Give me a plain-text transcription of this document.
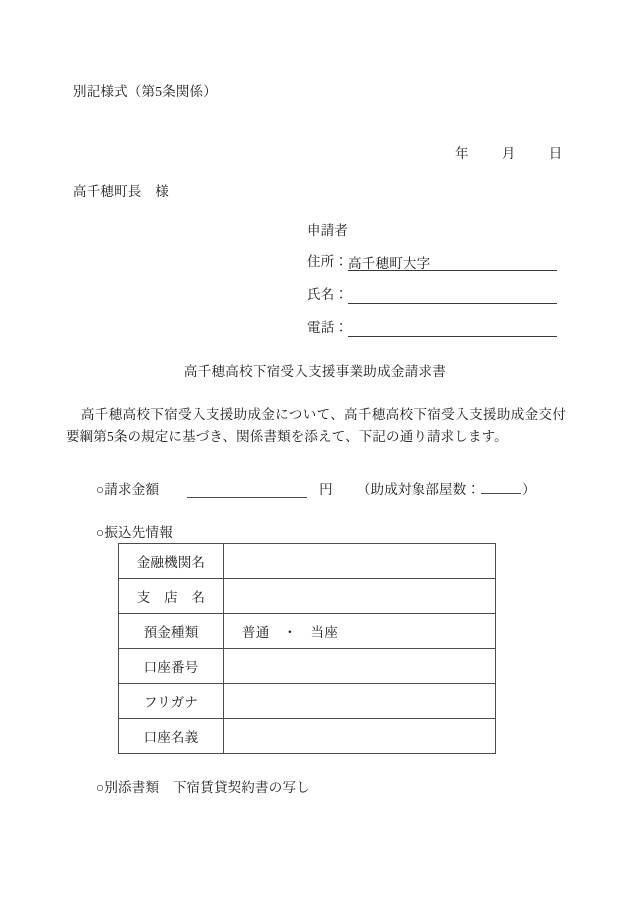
別記様式（第5条関係）
年 月 日
高千穂町長　様
申請者
住所： 高千穂町大字
氏名：
電話：
高千穂高校下宿受入支援事業助成金請求書
高千穂高校下宿受入支援助成金について、高千穂高校下宿受入支援助成金交付要綱第5条の規定に基づき、関係書類を添えて、下記の通り請求します。
○請求金額	円 （助成対象部屋数：	）
○振込先情報
金融機関名	
支　店　名	
預金種類	普通　・　当座
口座番号	
フリガナ	
口座名義	
○別添書類　下宿賃貸契約書の写し
